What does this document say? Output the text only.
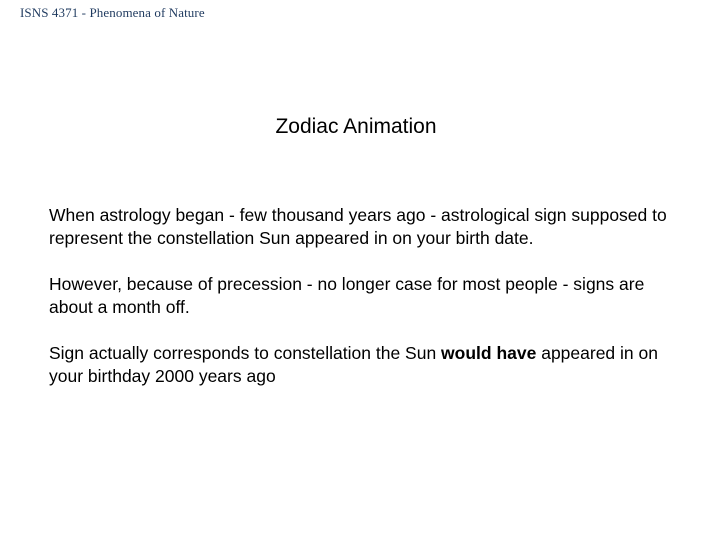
ISNS 4371 - Phenomena of Nature
Zodiac Animation

When astrology began - few thousand years ago - astrological sign supposed to represent the constellation Sun appeared in on your birth date.

However, because of precession - no longer case for most people - signs are about a month off.

Sign actually corresponds to constellation the Sun would have appeared in on your birthday 2000 years ago
